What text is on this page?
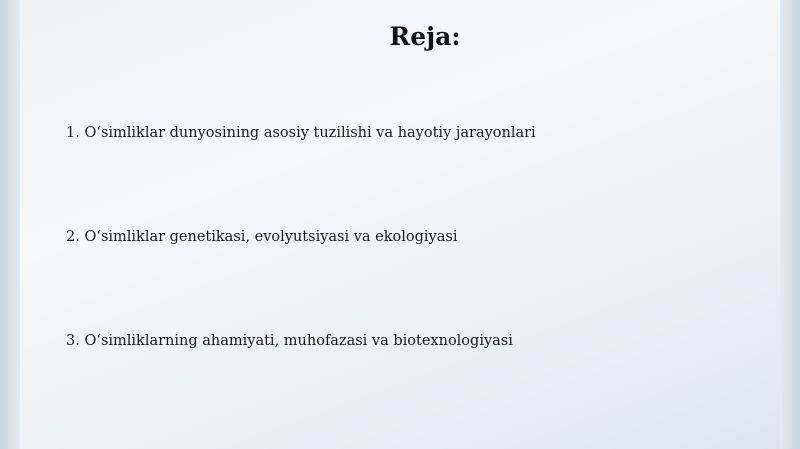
Reja:
1. O‘simliklar dunyosining asosiy tuzilishi va hayotiy jarayonlari
2. O‘simliklar genetikasi, evolyutsiyasi va ekologiyasi
3. O‘simliklarning ahamiyati, muhofazasi va biotexnologiyasi
